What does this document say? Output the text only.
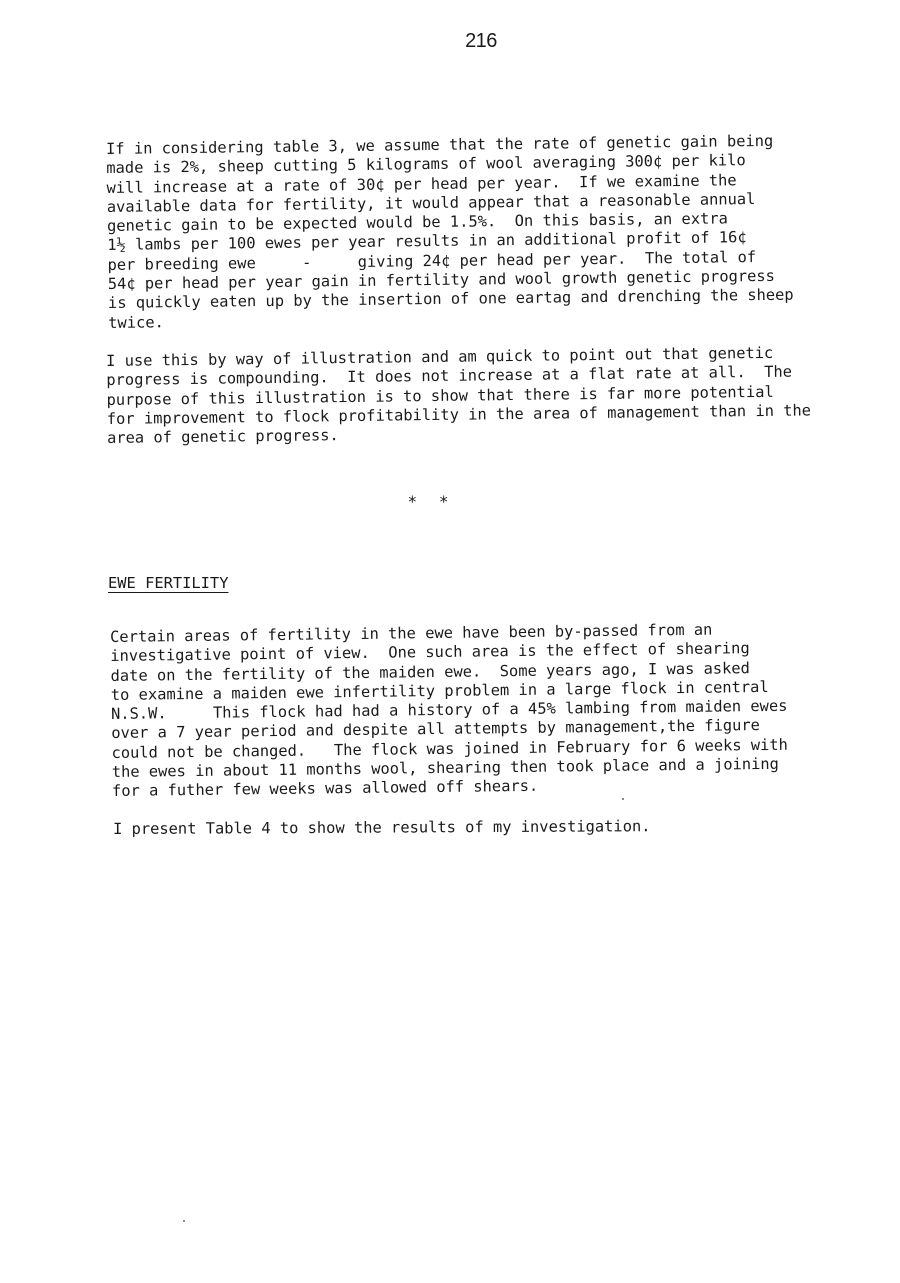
216
If in considering table 3, we assume that the rate of genetic gain being
made is 2%, sheep cutting 5 kilograms of wool averaging 300¢ per kilo
will increase at a rate of 30¢ per head per year.  If we examine the
available data for fertility, it would appear that a reasonable annual
genetic gain to be expected would be 1.5%.  On this basis, an extra
1½ lambs per 100 ewes per year results in an additional profit of 16¢
per breeding ewe     -     giving 24¢ per head per year.  The total of
54¢ per head per year gain in fertility and wool growth genetic progress
is quickly eaten up by the insertion of one eartag and drenching the sheep
twice.
I use this by way of illustration and am quick to point out that genetic
progress is compounding.  It does not increase at a flat rate at all.  The
purpose of this illustration is to show that there is far more potential
for improvement to flock profitability in the area of management than in the
area of genetic progress.
* *
EWE FERTILITY
Certain areas of fertility in the ewe have been by-passed from an
investigative point of view.  One such area is the effect of shearing
date on the fertility of the maiden ewe.  Some years ago, I was asked
to examine a maiden ewe infertility problem in a large flock in central
N.S.W.     This flock had had a history of a 45% lambing from maiden ewes
over a 7 year period and despite all attempts by management,the figure
could not be changed.   The flock was joined in February for 6 weeks with
the ewes in about 11 months wool, shearing then took place and a joining
for a futher few weeks was allowed off shears.
I present Table 4 to show the results of my investigation.
